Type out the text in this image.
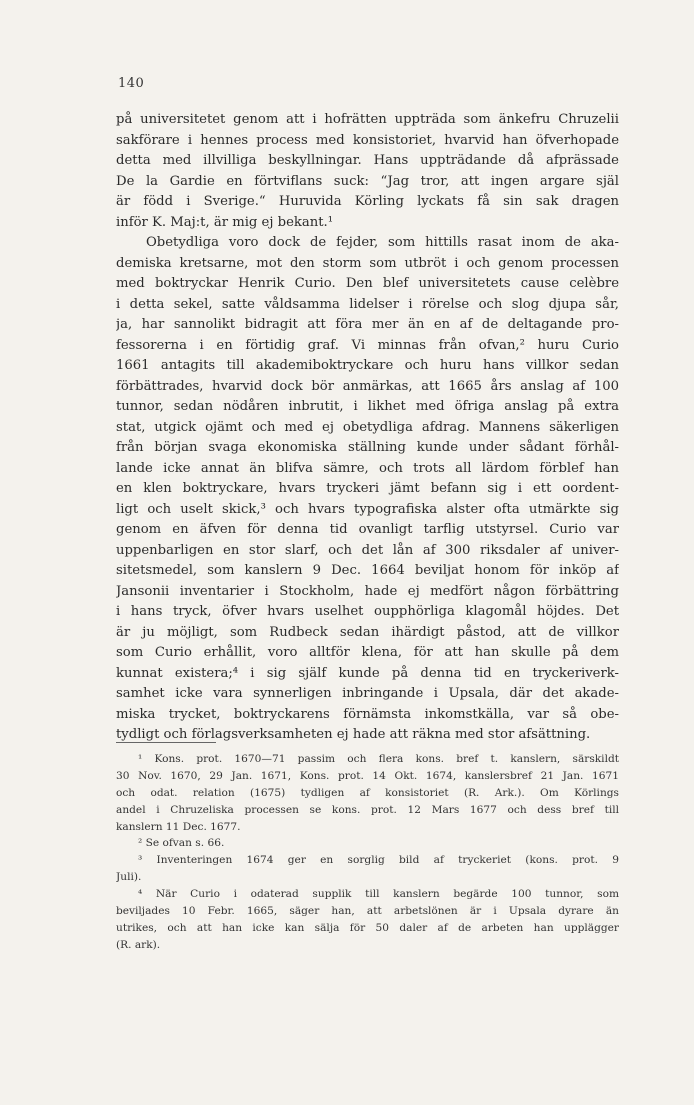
140
på universitetet genom att i hofrätten uppträda som änkefru Chruzelii
sakförare i hennes process med konsistoriet, hvarvid han öfverhopade
detta med illvilliga beskyllningar. Hans uppträdande då afprässade
De la Gardie en förtviflans suck: “Jag tror, att ingen argare själ
är född i Sverige.“ Huruvida Körling lyckats få sin sak dragen
inför K. Maj:t, är mig ej bekant.¹
Obetydliga voro dock de fejder, som hittills rasat inom de aka-
demiska kretsarne, mot den storm som utbröt i och genom processen
med boktryckar Henrik Curio. Den blef universitetets cause celèbre
i detta sekel, satte våldsamma lidelser i rörelse och slog djupa sår,
ja, har sannolikt bidragit att föra mer än en af de deltagande pro-
fessorerna i en förtidig graf. Vi minnas från ofvan,² huru Curio
1661 antagits till akademiboktryckare och huru hans villkor sedan
förbättrades, hvarvid dock bör anmärkas, att 1665 års anslag af 100
tunnor, sedan nödåren inbrutit, i likhet med öfriga anslag på extra
stat, utgick ojämt och med ej obetydliga afdrag. Mannens säkerligen
från början svaga ekonomiska ställning kunde under sådant förhål-
lande icke annat än blifva sämre, och trots all lärdom förblef han
en klen boktryckare, hvars tryckeri jämt befann sig i ett oordent-
ligt och uselt skick,³ och hvars typografiska alster ofta utmärkte sig
genom en äfven för denna tid ovanligt tarflig utstyrsel. Curio var
uppenbarligen en stor slarf, och det lån af 300 riksdaler af univer-
sitetsmedel, som kanslern 9 Dec. 1664 beviljat honom för inköp af
Jansonii inventarier i Stockholm, hade ej medfört någon förbättring
i hans tryck, öfver hvars uselhet oupphörliga klagomål höjdes. Det
är ju möjligt, som Rudbeck sedan ihärdigt påstod, att de villkor
som Curio erhållit, voro alltför klena, för att han skulle på dem
kunnat existera;⁴ i sig själf kunde på denna tid en tryckeriverk-
samhet icke vara synnerligen inbringande i Upsala, där det akade-
miska trycket, boktryckarens förnämsta inkomstkälla, var så obe-
tydligt och förlagsverksamheten ej hade att räkna med stor afsättning.
¹ Kons. prot. 1670—71 passim och flera kons. bref t. kanslern, särskildt
30 Nov. 1670, 29 Jan. 1671, Kons. prot. 14 Okt. 1674, kanslersbref 21 Jan. 1671
och odat. relation (1675) tydligen af konsistoriet (R. Ark.). Om Körlings
andel i Chruzeliska processen se kons. prot. 12 Mars 1677 och dess bref till
kanslern 11 Dec. 1677.
² Se ofvan s. 66.
³ Inventeringen 1674 ger en sorglig bild af tryckeriet (kons. prot. 9
Juli).
⁴ När Curio i odaterad supplik till kanslern begärde 100 tunnor, som
beviljades 10 Febr. 1665, säger han, att arbetslönen är i Upsala dyrare än
utrikes, och att han icke kan sälja för 50 daler af de arbeten han upplägger
(R. ark).
